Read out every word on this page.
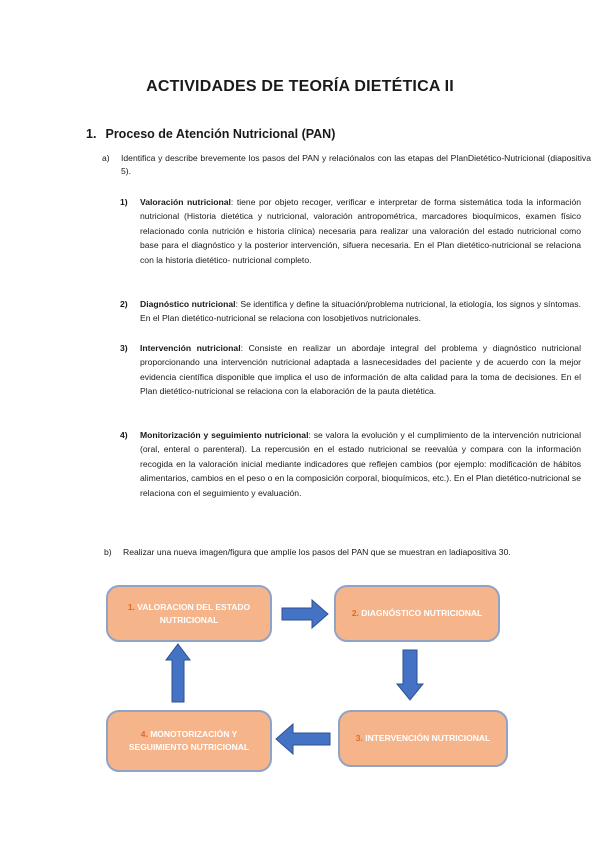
ACTIVIDADES DE TEORÍA DIETÉTICA II
1. Proceso de Atención Nutricional (PAN)
a) Identifica y describe brevemente los pasos del PAN y relaciónalos con las etapas del PlanDietético-Nutricional (diapositiva 5).
1) Valoración nutricional: tiene por objeto recoger, verificar e interpretar de forma sistemática toda la información nutricional (Historia dietética y nutricional, valoración antropométrica, marcadores bioquímicos, examen físico relacionado conla nutrición e historia clínica) necesaria para realizar una valoración del estado nutricional como base para el diagnóstico y la posterior intervención, sifuera necesaria. En el Plan dietético-nutricional se relaciona con la historia dietético- nutricional completo.
2) Diagnóstico nutricional: Se identifica y define la situación/problema nutricional, la etiología, los signos y síntomas. En el Plan dietético-nutricional se relaciona con losobjetivos nutricionales.
3) Intervención nutricional: Consiste en realizar un abordaje integral del problema y diagnóstico nutricional proporcionando una intervención nutricional adaptada a lasnecesidades del paciente y de acuerdo con la mejor evidencia científica disponible que implica el uso de información de alta calidad para la toma de decisiones. En el Plan dietético-nutricional se relaciona con la elaboración de la pauta dietética.
4) Monitorización y seguimiento nutricional: se valora la evolución y el cumplimiento de la intervención nutricional (oral, enteral o parenteral). La repercusión en el estado nutricional se reevalúa y compara con la información recogida en la valoración inicial mediante indicadores que reflejen cambios (por ejemplo: modificación de hábitos alimentarios, cambios en el peso o en la composición corporal, bioquímicos, etc.). En el Plan dietético-nutricional se relaciona con el seguimiento y evaluación.
b) Realizar una nueva imagen/figura que amplíe los pasos del PAN que se muestran en ladiapositiva 30.
1. VALORACION DEL ESTADO NUTRICIONAL
2. DIAGNÓSTICO NUTRICIONAL
3. INTERVENCIÓN NUTRICIONAL
4. MONOTORIZACIÓN Y SEGUIMIENTO NUTRICIONAL
